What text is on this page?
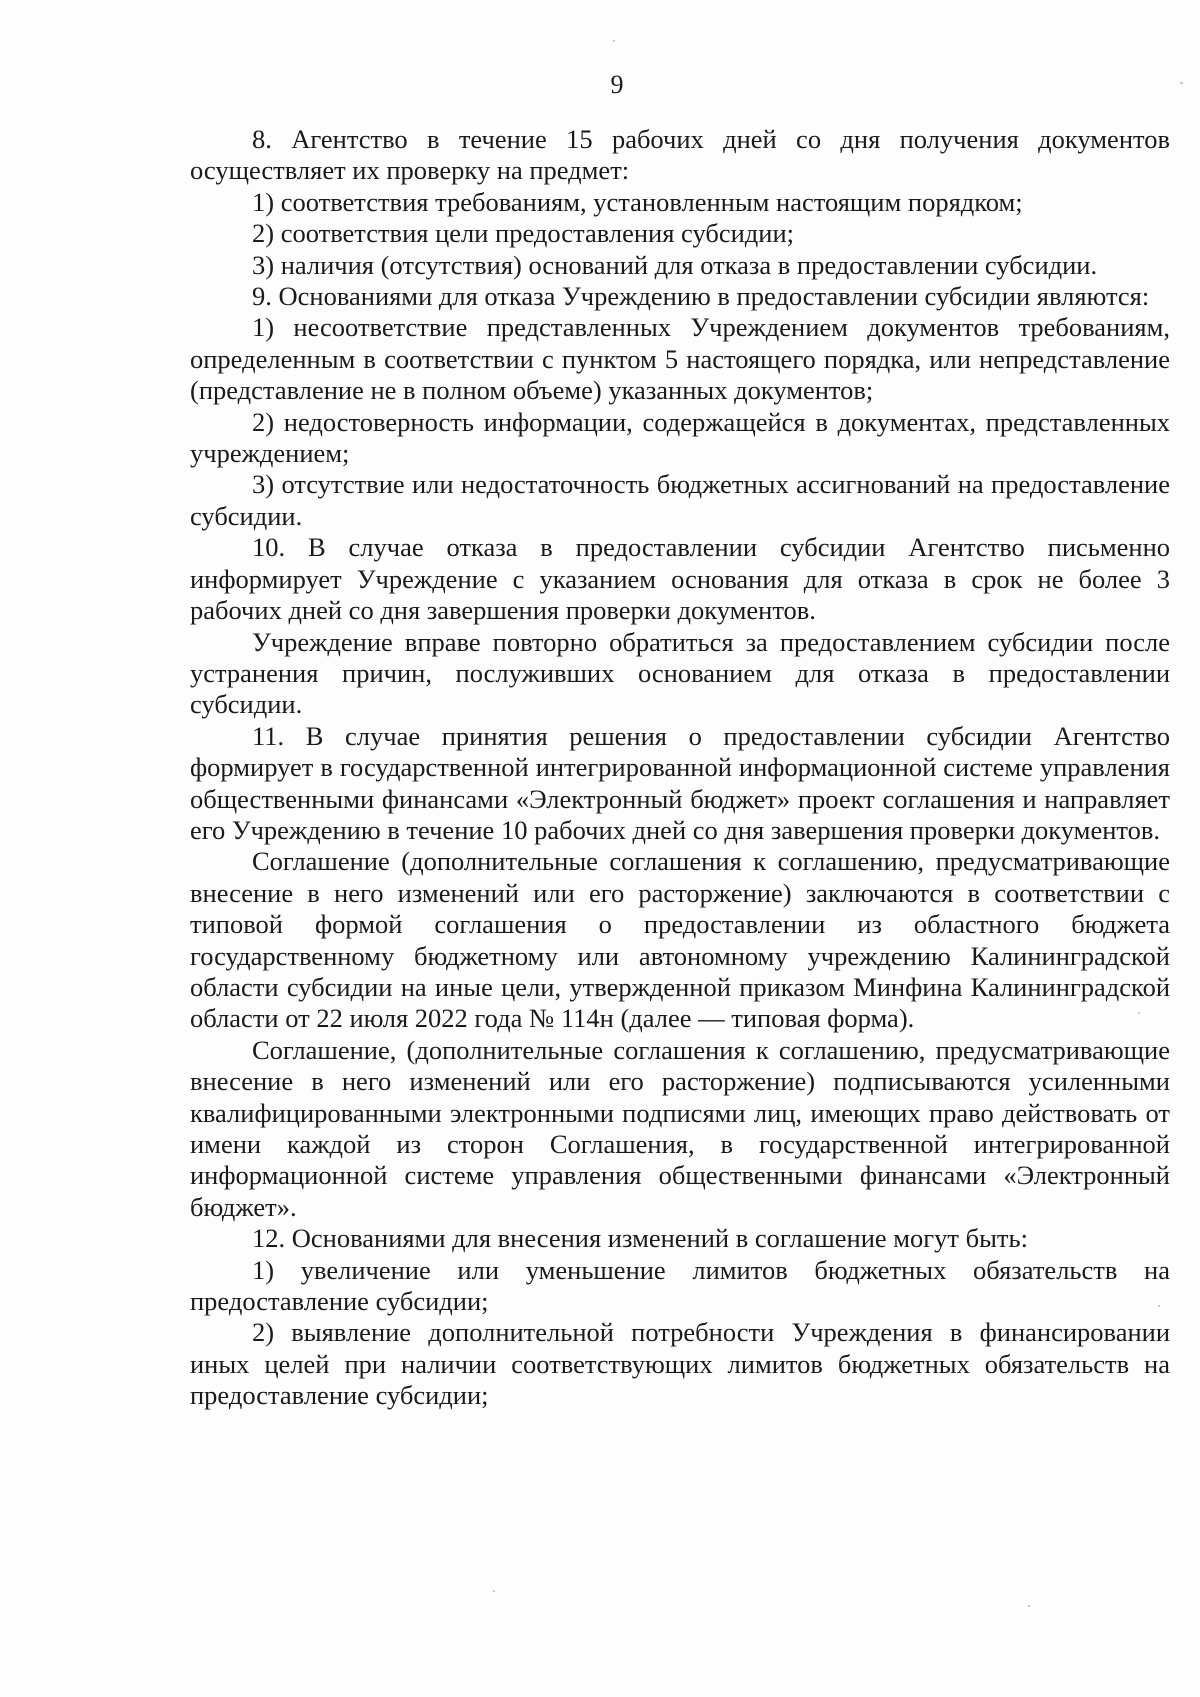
9

8. Агентство в течение 15 рабочих дней со дня получения документов осуществляет их проверку на предмет:

1) соответствия требованиям, установленным настоящим порядком;

2) соответствия цели предоставления субсидии;

3) наличия (отсутствия) оснований для отказа в предоставлении субсидии.

9. Основаниями для отказа Учреждению в предоставлении субсидии являются:

1) несоответствие представленных Учреждением документов требованиям, определенным в соответствии с пунктом 5 настоящего порядка, или непредставление (представление не в полном объеме) указанных документов;

2) недостоверность информации, содержащейся в документах, представленных учреждением;

3) отсутствие или недостаточность бюджетных ассигнований на предоставление субсидии.

10. В случае отказа в предоставлении субсидии Агентство письменно информирует Учреждение с указанием основания для отказа в срок не более 3 рабочих дней со дня завершения проверки документов.

Учреждение вправе повторно обратиться за предоставлением субсидии после устранения причин, послуживших основанием для отказа в предоставлении субсидии.

11. В случае принятия решения о предоставлении субсидии Агентство формирует в государственной интегрированной информационной системе управления общественными финансами «Электронный бюджет» проект соглашения и направляет его Учреждению в течение 10 рабочих дней со дня завершения проверки документов.

Соглашение (дополнительные соглашения к соглашению, предусматривающие внесение в него изменений или его расторжение) заключаются в соответствии с типовой формой соглашения о предоставлении из областного бюджета государственному бюджетному или автономному учреждению Калининградской области субсидии на иные цели, утвержденной приказом Минфина Калининградской области от 22 июля 2022 года № 114н (далее — типовая форма).

Соглашение, (дополнительные соглашения к соглашению, предусматривающие внесение в него изменений или его расторжение) подписываются усиленными квалифицированными электронными подписями лиц, имеющих право действовать от имени каждой из сторон Соглашения, в государственной интегрированной информационной системе управления общественными финансами «Электронный бюджет».

12. Основаниями для внесения изменений в соглашение могут быть:

1) увеличение или уменьшение лимитов бюджетных обязательств на предоставление субсидии;

2) выявление дополнительной потребности Учреждения в финансировании иных целей при наличии соответствующих лимитов бюджетных обязательств на предоставление субсидии;
